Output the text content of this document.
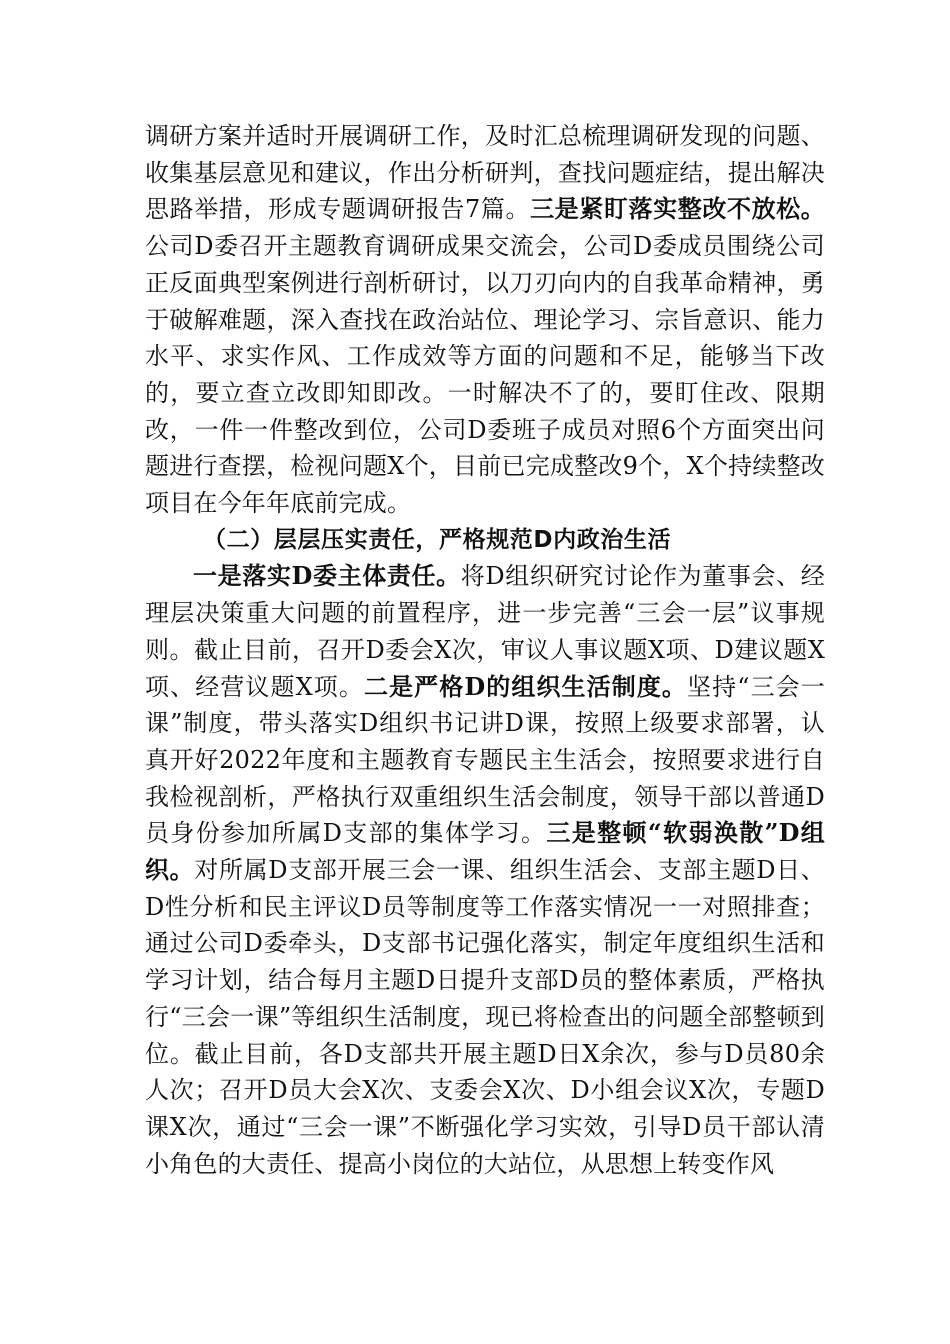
调研方案并适时开展调研工作，及时汇总梳理调研发现的问题、收集基层意见和建议，作出分析研判，查找问题症结，提出解决思路举措，形成专题调研报告7篇。三是紧盯落实整改不放松。公司D委召开主题教育调研成果交流会，公司D委成员围绕公司正反面典型案例进行剖析研讨，以刀刃向内的自我革命精神，勇于破解难题，深入查找在政治站位、理论学习、宗旨意识、能力水平、求实作风、工作成效等方面的问题和不足，能够当下改的，要立查立改即知即改。一时解决不了的，要盯住改、限期改，一件一件整改到位，公司D委班子成员对照6个方面突出问题进行查摆，检视问题X个，目前已完成整改9个，X个持续整改项目在今年年底前完成。

（二）层层压实责任，严格规范D内政治生活

一是落实D委主体责任。将D组织研究讨论作为董事会、经理层决策重大问题的前置程序，进一步完善“三会一层”议事规则。截止目前，召开D委会X次，审议人事议题X项、D建议题X项、经营议题X项。二是严格D的组织生活制度。坚持“三会一课”制度，带头落实D组织书记讲D课，按照上级要求部署，认真开好2022年度和主题教育专题民主生活会，按照要求进行自我检视剖析，严格执行双重组织生活会制度，领导干部以普通D员身份参加所属D支部的集体学习。三是整顿“软弱涣散”D组织。对所属D支部开展三会一课、组织生活会、支部主题D日、D性分析和民主评议D员等制度等工作落实情况一一对照排查；通过公司D委牵头，D支部书记强化落实，制定年度组织生活和学习计划，结合每月主题D日提升支部D员的整体素质，严格执行“三会一课”等组织生活制度，现已将检查出的问题全部整顿到位。截止目前，各D支部共开展主题D日X余次，参与D员80余人次；召开D员大会X次、支委会X次、D小组会议X次，专题D课X次，通过“三会一课”不断强化学习实效，引导D员干部认清小角色的大责任、提高小岗位的大站位，从思想上转变作风
